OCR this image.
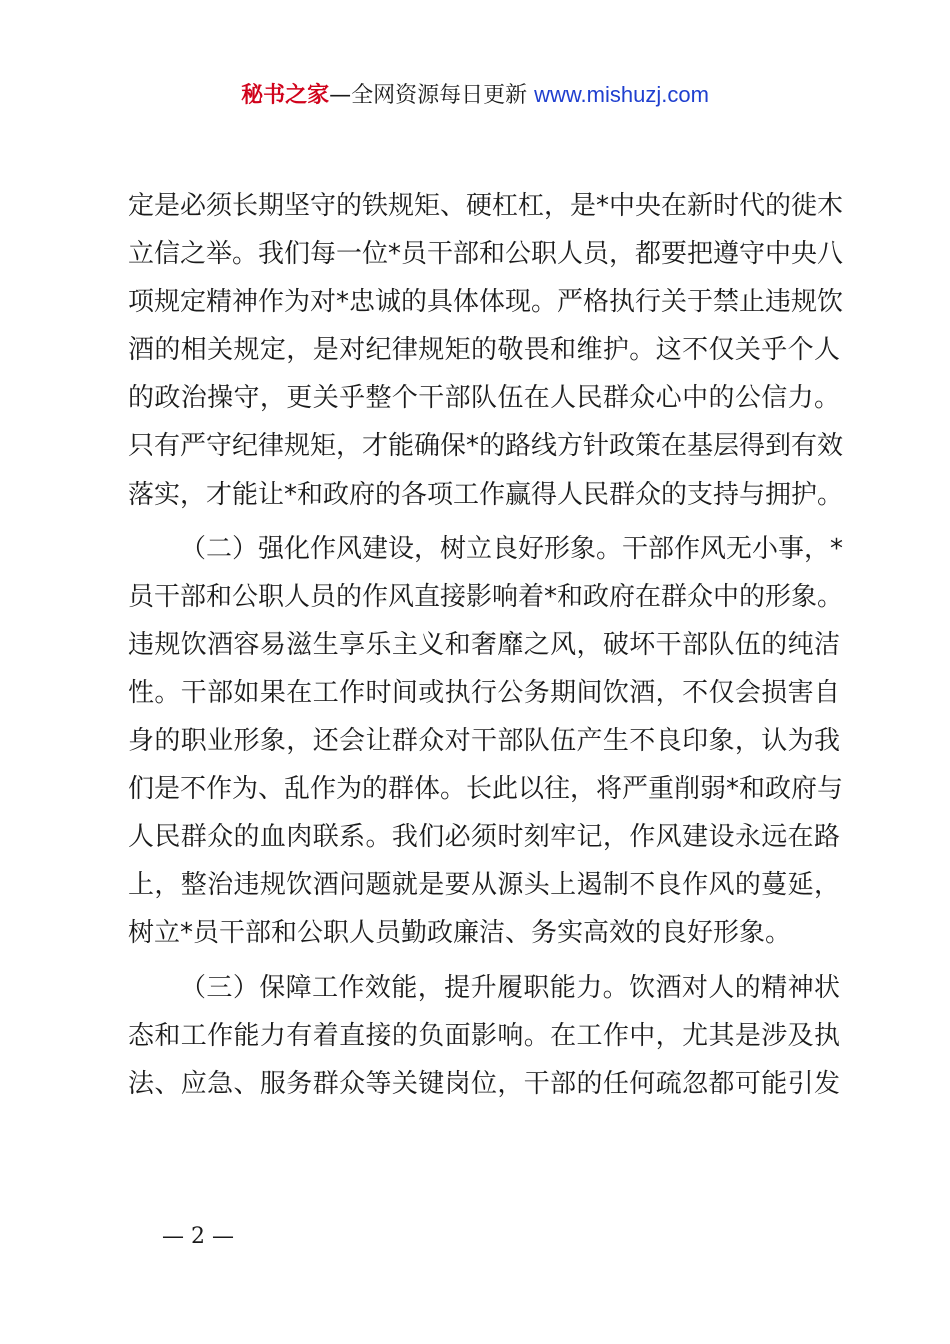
秘书之家—全网资源每日更新 www.mishuzj.com
定是必须长期坚守的铁规矩、硬杠杠，是*中央在新时代的徙木
立信之举。我们每一位*员干部和公职人员，都要把遵守中央八
项规定精神作为对*忠诚的具体体现。严格执行关于禁止违规饮
酒的相关规定，是对纪律规矩的敬畏和维护。这不仅关乎个人
的政治操守，更关乎整个干部队伍在人民群众心中的公信力。
只有严守纪律规矩，才能确保*的路线方针政策在基层得到有效
落实，才能让*和政府的各项工作赢得人民群众的支持与拥护。
（二）强化作风建设，树立良好形象。干部作风无小事，*
员干部和公职人员的作风直接影响着*和政府在群众中的形象。
违规饮酒容易滋生享乐主义和奢靡之风，破坏干部队伍的纯洁
性。干部如果在工作时间或执行公务期间饮酒，不仅会损害自
身的职业形象，还会让群众对干部队伍产生不良印象，认为我
们是不作为、乱作为的群体。长此以往，将严重削弱*和政府与
人民群众的血肉联系。我们必须时刻牢记，作风建设永远在路
上，整治违规饮酒问题就是要从源头上遏制不良作风的蔓延，
树立*员干部和公职人员勤政廉洁、务实高效的良好形象。
（三）保障工作效能，提升履职能力。饮酒对人的精神状
态和工作能力有着直接的负面影响。在工作中，尤其是涉及执
法、应急、服务群众等关键岗位，干部的任何疏忽都可能引发
— 2 —
